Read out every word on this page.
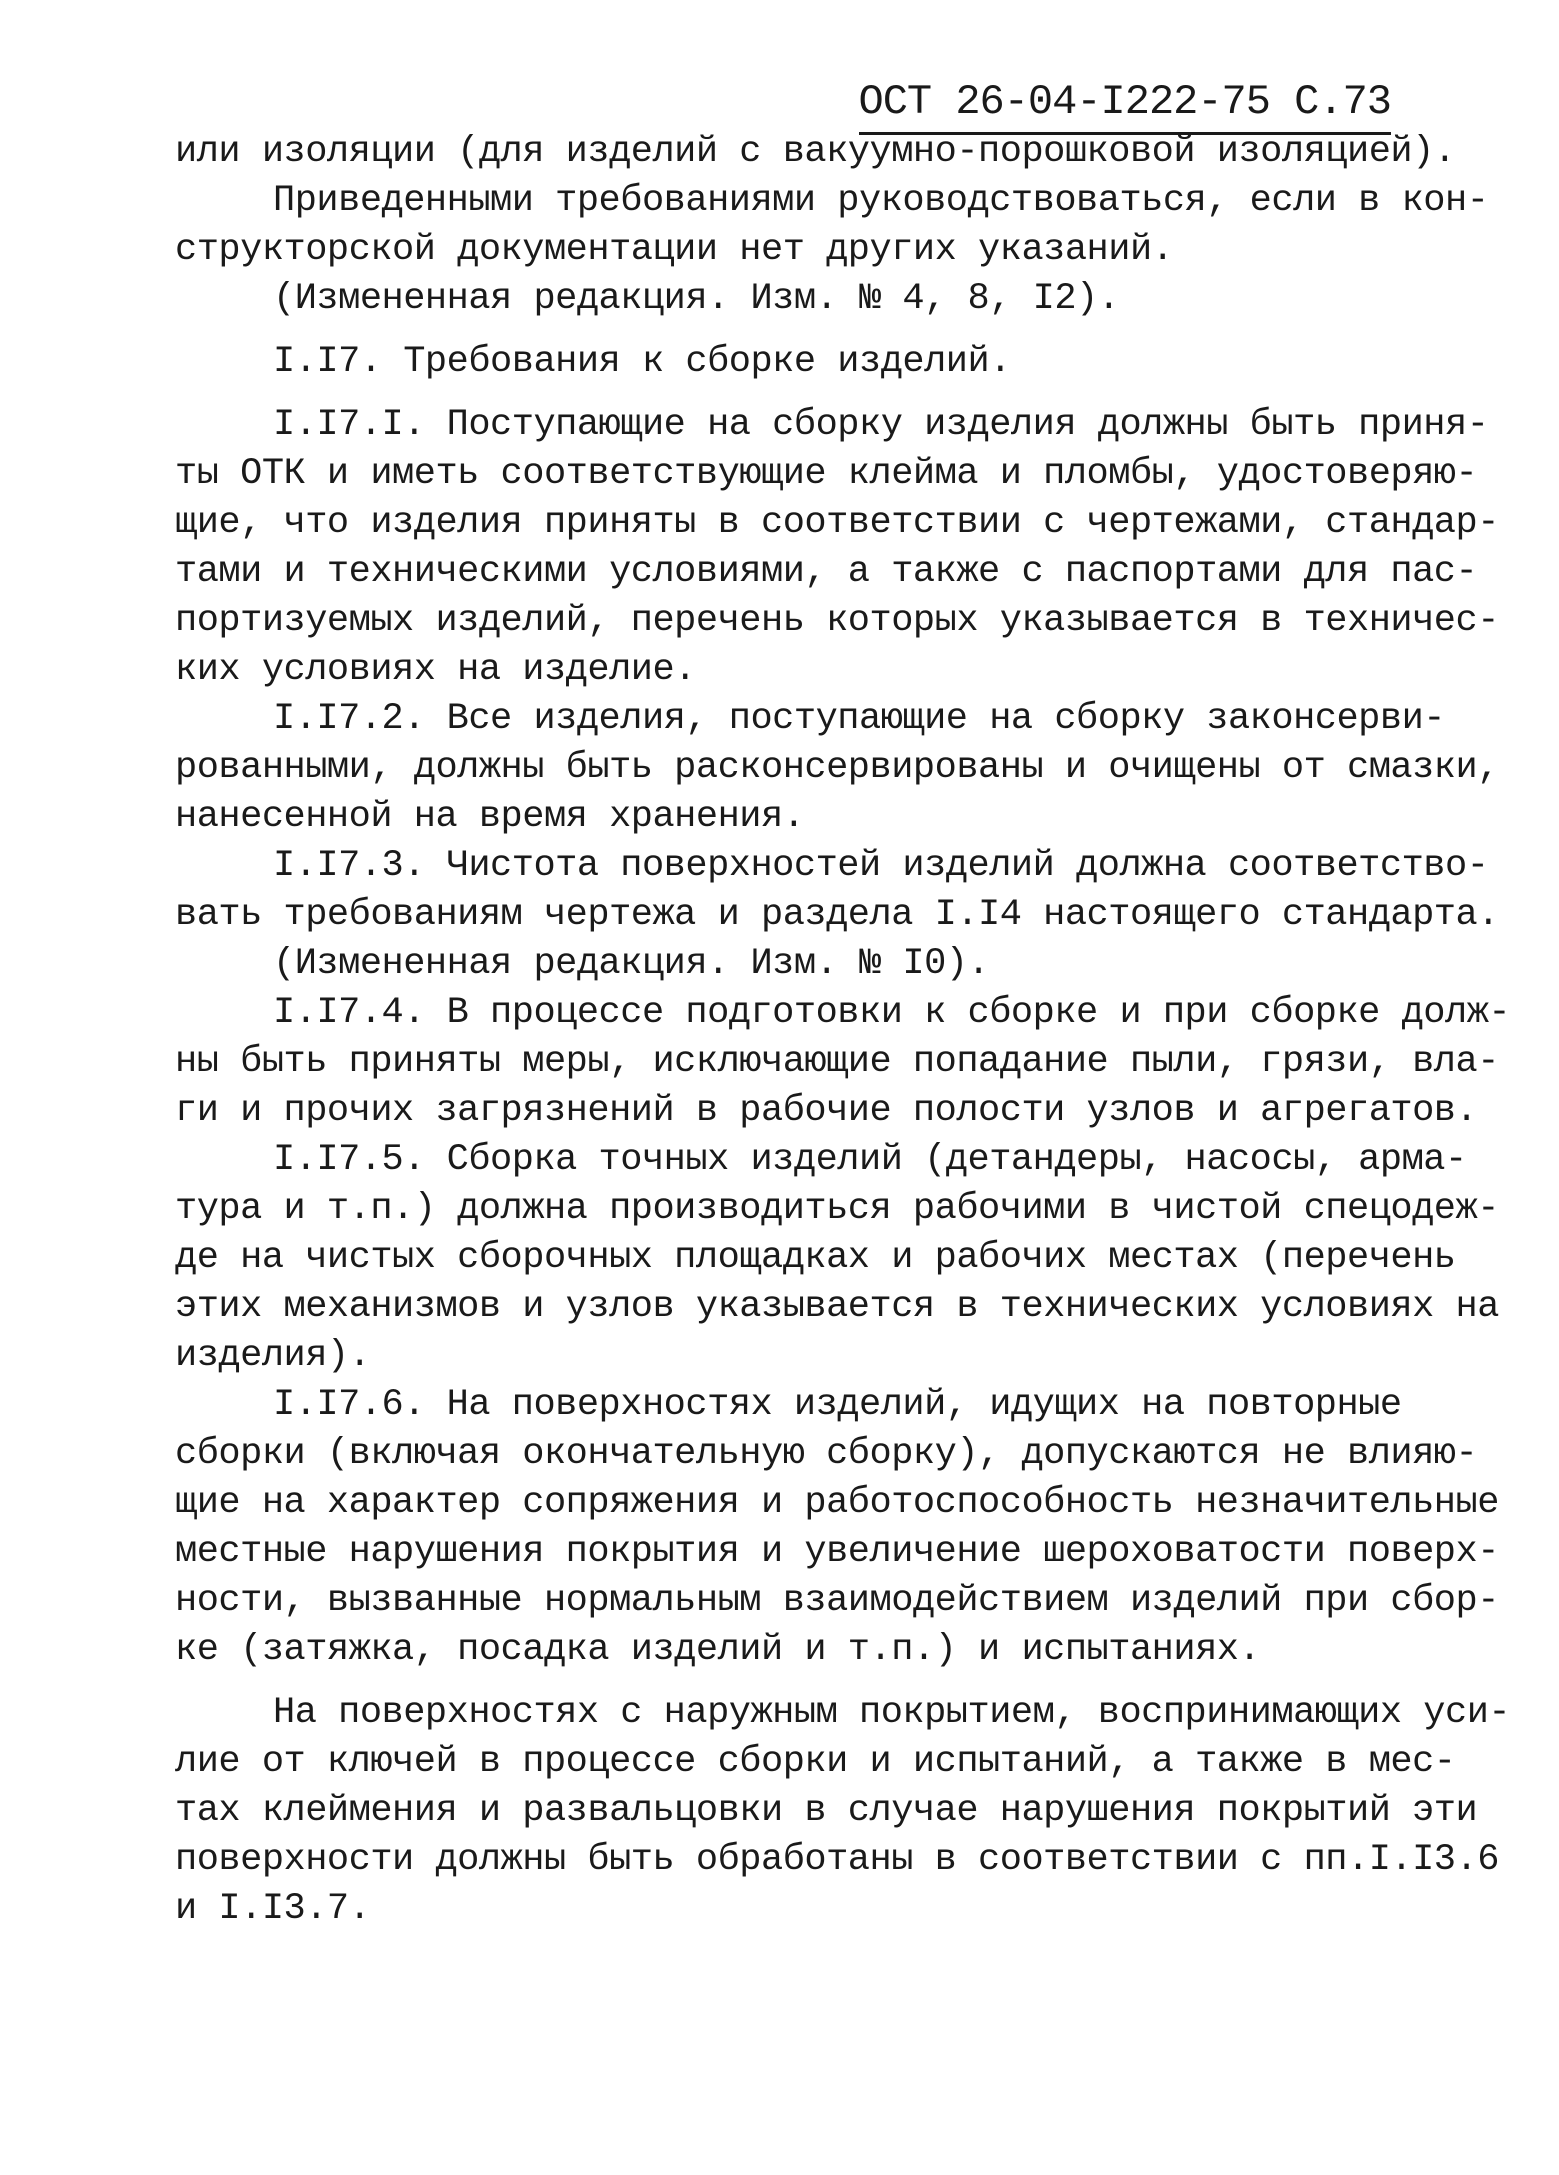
ОСТ 26-04-I222-75 С.73
или изоляции (для изделий с вакуумно-порошковой изоляцией).
Приведенными требованиями руководствоваться, если в кон-
структорской документации нет других указаний.
(Измененная редакция. Изм. № 4, 8, I2).
I.I7. Требования к сборке изделий.
I.I7.I. Поступающие на сборку изделия должны быть приня-
ты ОТК и иметь соответствующие клейма и пломбы, удостоверяю-
щие, что изделия приняты в соответствии с чертежами, стандар-
тами и техническими условиями, а также с паспортами для пас-
портизуемых изделий, перечень которых указывается в техничес-
ких условиях на изделие.
I.I7.2. Все изделия, поступающие на сборку законсерви-
рованными, должны быть расконсервированы и очищены от смазки,
нанесенной на время хранения.
I.I7.3. Чистота поверхностей изделий должна соответство-
вать требованиям чертежа и раздела I.I4 настоящего стандарта.
(Измененная редакция. Изм. № I0).
I.I7.4. В процессе подготовки к сборке и при сборке долж-
ны быть приняты меры, исключающие попадание пыли, грязи, вла-
ги и прочих загрязнений в рабочие полости узлов и агрегатов.
I.I7.5. Сборка точных изделий (детандеры, насосы, арма-
тура и т.п.) должна производиться рабочими в чистой спецодеж-
де на чистых сборочных площадках и рабочих местах (перечень
этих механизмов и узлов указывается в технических условиях на
изделия).
I.I7.6. На поверхностях изделий, идущих на повторные
сборки (включая окончательную сборку), допускаются не влияю-
щие на характер сопряжения и работоспособность незначительные
местные нарушения покрытия и увеличение шероховатости поверх-
ности, вызванные нормальным взаимодействием изделий при сбор-
ке (затяжка, посадка изделий и т.п.) и испытаниях.
На поверхностях с наружным покрытием, воспринимающих уси-
лие от ключей в процессе сборки и испытаний, а также в мес-
тах клеймения и развальцовки в случае нарушения покрытий эти
поверхности должны быть обработаны в соответствии с пп.I.I3.6
и I.I3.7.
